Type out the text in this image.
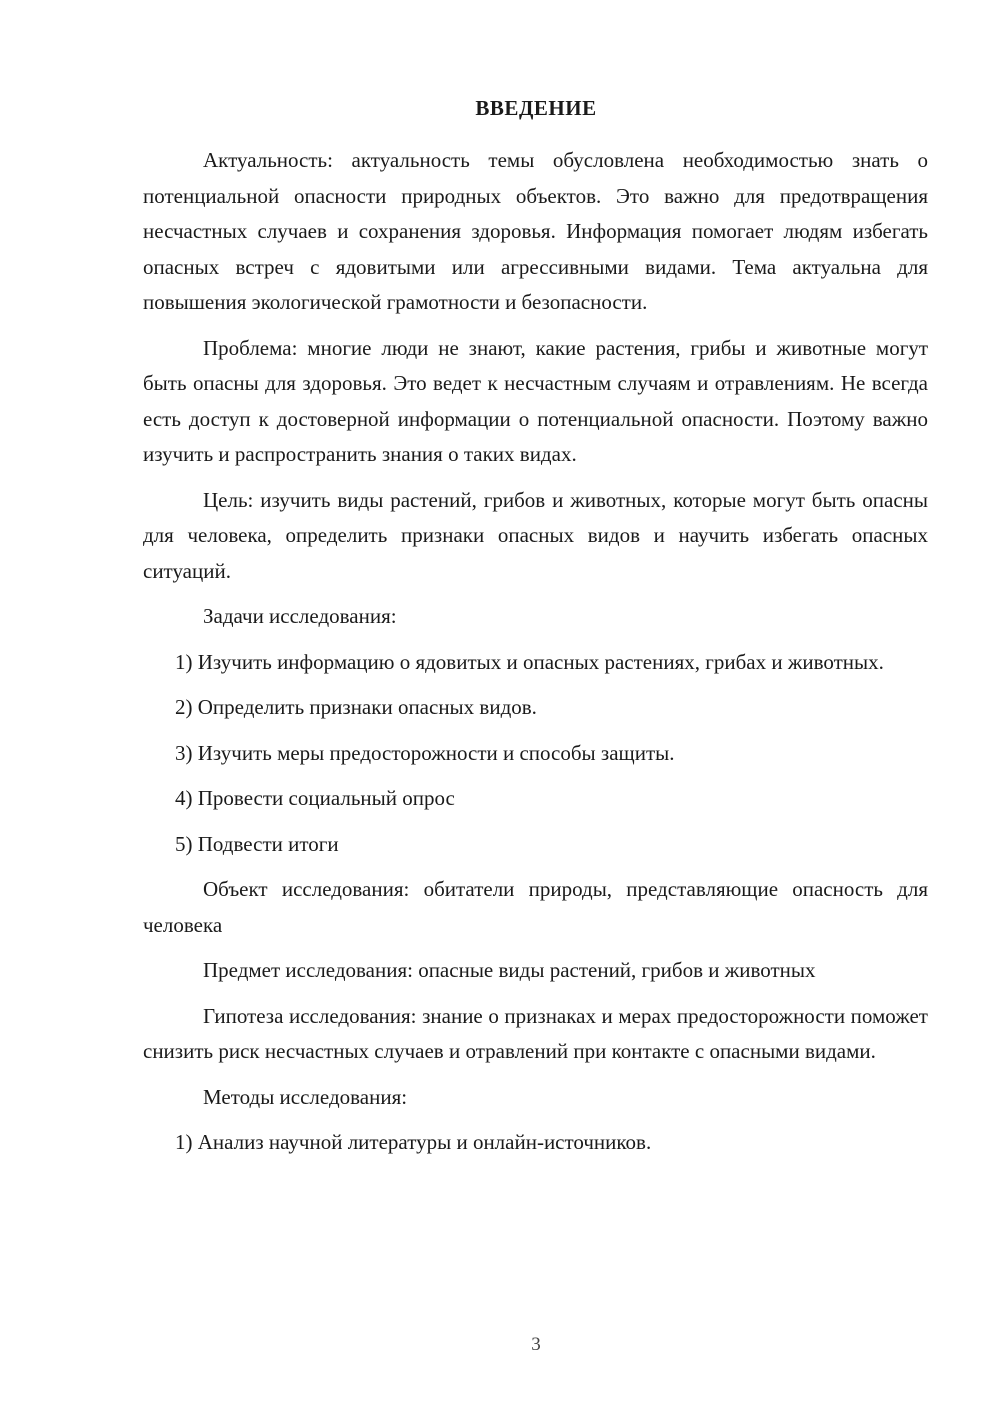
ВВЕДЕНИЕ

Актуальность: актуальность темы обусловлена необходимостью знать о потенциальной опасности природных объектов. Это важно для предотвращения несчастных случаев и сохранения здоровья. Информация помогает людям избегать опасных встреч с ядовитыми или агрессивными видами. Тема актуальна для повышения экологической грамотности и безопасности.

Проблема: многие люди не знают, какие растения, грибы и животные могут быть опасны для здоровья. Это ведет к несчастным случаям и отравлениям. Не всегда есть доступ к достоверной информации о потенциальной опасности. Поэтому важно изучить и распространить знания о таких видах.

Цель: изучить виды растений, грибов и животных, которые могут быть опасны для человека, определить признаки опасных видов и научить избегать опасных ситуаций.

Задачи исследования:

1) Изучить информацию о ядовитых и опасных растениях, грибах и животных.

2) Определить признаки опасных видов.

3) Изучить меры предосторожности и способы защиты.

4) Провести социальный опрос

5) Подвести итоги

Объект исследования: обитатели природы, представляющие опасность для человека

Предмет исследования: опасные виды растений, грибов и животных

Гипотеза исследования: знание о признаках и мерах предосторожности поможет снизить риск несчастных случаев и отравлений при контакте с опасными видами.

Методы исследования:

1) Анализ научной литературы и онлайн-источников.

3
